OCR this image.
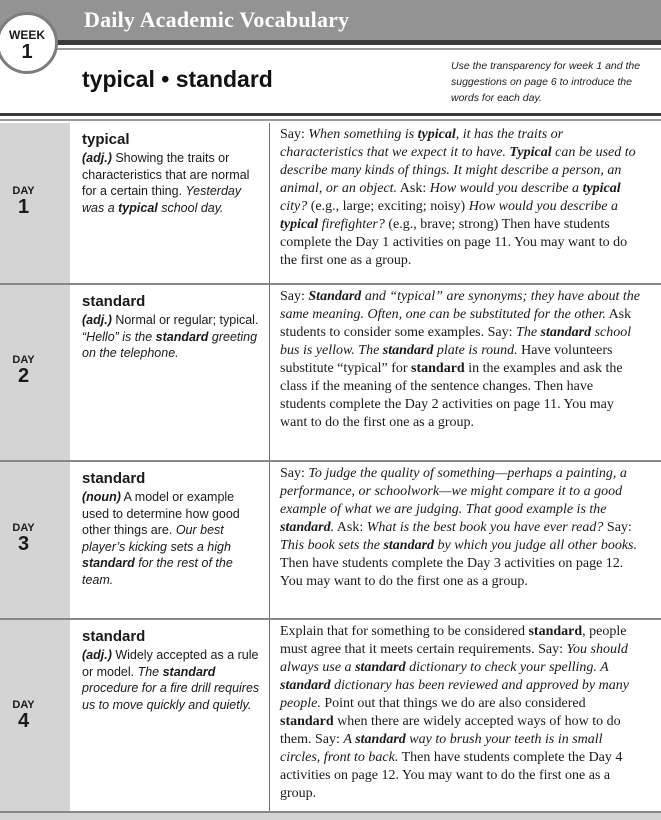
Daily Academic Vocabulary
WEEK
1
typical • standard	Use the transparency for week 1 and the suggestions on page 6 to introduce the words for each day.
DAY
1
typical
(adj.) Showing the traits or characteristics that are normal for a certain thing. Yesterday was a typical school day.
Say: When something is typical, it has the traits or characteristics that we expect it to have. Typical can be used to describe many kinds of things. It might describe a person, an animal, or an object. Ask: How would you describe a typical city? (e.g., large; exciting; noisy) How would you describe a typical firefighter? (e.g., brave; strong) Then have students complete the Day 1 activities on page 11. You may want to do the first one as a group.
DAY
2
standard
(adj.) Normal or regular; typical. “Hello” is the standard greeting on the telephone.
Say: Standard and “typical” are synonyms; they have about the same meaning. Often, one can be substituted for the other. Ask students to consider some examples. Say: The standard school bus is yellow. The standard plate is round. Have volunteers substitute “typical” for standard in the examples and ask the class if the meaning of the sentence changes. Then have students complete the Day 2 activities on page 11. You may want to do the first one as a group.
DAY
3
standard
(noun) A model or example used to determine how good other things are. Our best player’s kicking sets a high standard for the rest of the team.
Say: To judge the quality of something—perhaps a painting, a performance, or schoolwork—we might compare it to a good example of what we are judging. That good example is the standard. Ask: What is the best book you have ever read? Say: This book sets the standard by which you judge all other books. Then have students complete the Day 3 activities on page 12. You may want to do the first one as a group.
DAY
4
standard
(adj.) Widely accepted as a rule or model. The standard procedure for a fire drill requires us to move quickly and quietly.
Explain that for something to be considered standard, people must agree that it meets certain requirements. Say: You should always use a standard dictionary to check your spelling. A standard dictionary has been reviewed and approved by many people. Point out that things we do are also considered standard when there are widely accepted ways of how to do them. Say: A standard way to brush your teeth is in small circles, front to back. Then have students complete the Day 4 activities on page 12. You may want to do the first one as a group.
